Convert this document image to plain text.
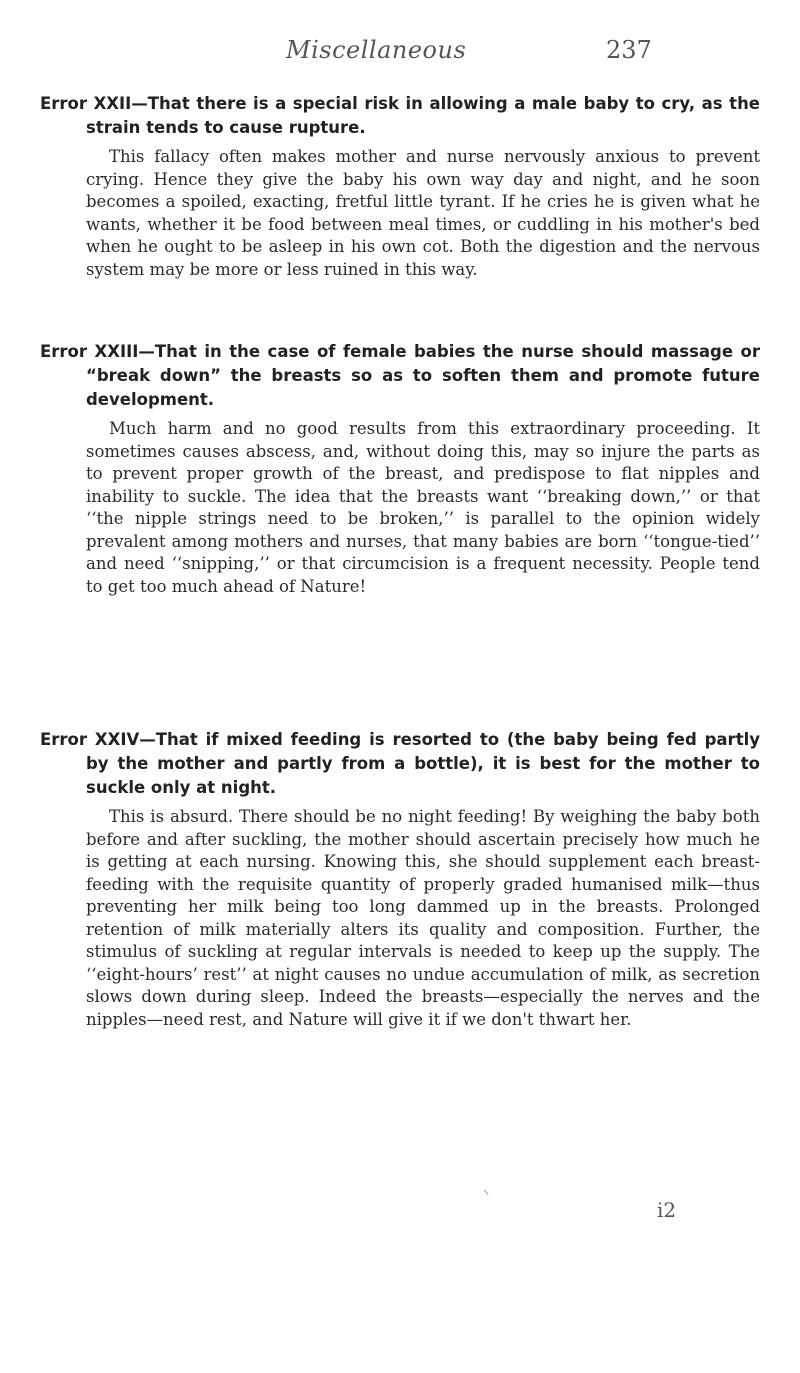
Miscellaneous	237

Error XXII—That there is a special risk in allowing a male baby to cry, as the strain tends to cause rupture.

This fallacy often makes mother and nurse nervously anxious to prevent crying. Hence they give the baby his own way day and night, and he soon becomes a spoiled, exacting, fretful little tyrant. If he cries he is given what he wants, whether it be food between meal times, or cuddling in his mother's bed when he ought to be asleep in his own cot. Both the digestion and the nervous system may be more or less ruined in this way.

Error XXIII—That in the case of female babies the nurse should massage or “break down” the breasts so as to soften them and promote future development.

Much harm and no good results from this extraordinary proceeding. It sometimes causes abscess, and, without doing this, may so injure the parts as to prevent proper growth of the breast, and predispose to flat nipples and inability to suckle. The idea that the breasts want ‘‘breaking down,’’ or that ‘‘the nipple strings need to be broken,’’ is parallel to the opinion widely prevalent among mothers and nurses, that many babies are born ‘‘tongue-tied’’ and need ‘‘snipping,’’ or that circumcision is a frequent necessity. People tend to get too much ahead of Nature!

Error XXIV—That if mixed feeding is resorted to (the baby being fed partly by the mother and partly from a bottle), it is best for the mother to suckle only at night.

This is absurd. There should be no night feeding! By weighing the baby both before and after suckling, the mother should ascertain precisely how much he is getting at each nursing. Knowing this, she should supplement each breast-feeding with the requisite quantity of properly graded humanised milk—thus preventing her milk being too long dammed up in the breasts. Prolonged retention of milk materially alters its quality and composition. Further, the stimulus of suckling at regular intervals is needed to keep up the supply. The ‘‘eight-hours’ rest’’ at night causes no undue accumulation of milk, as secretion slows down during sleep. Indeed the breasts—especially the nerves and the nipples—need rest, and Nature will give it if we don't thwart her.

i2
